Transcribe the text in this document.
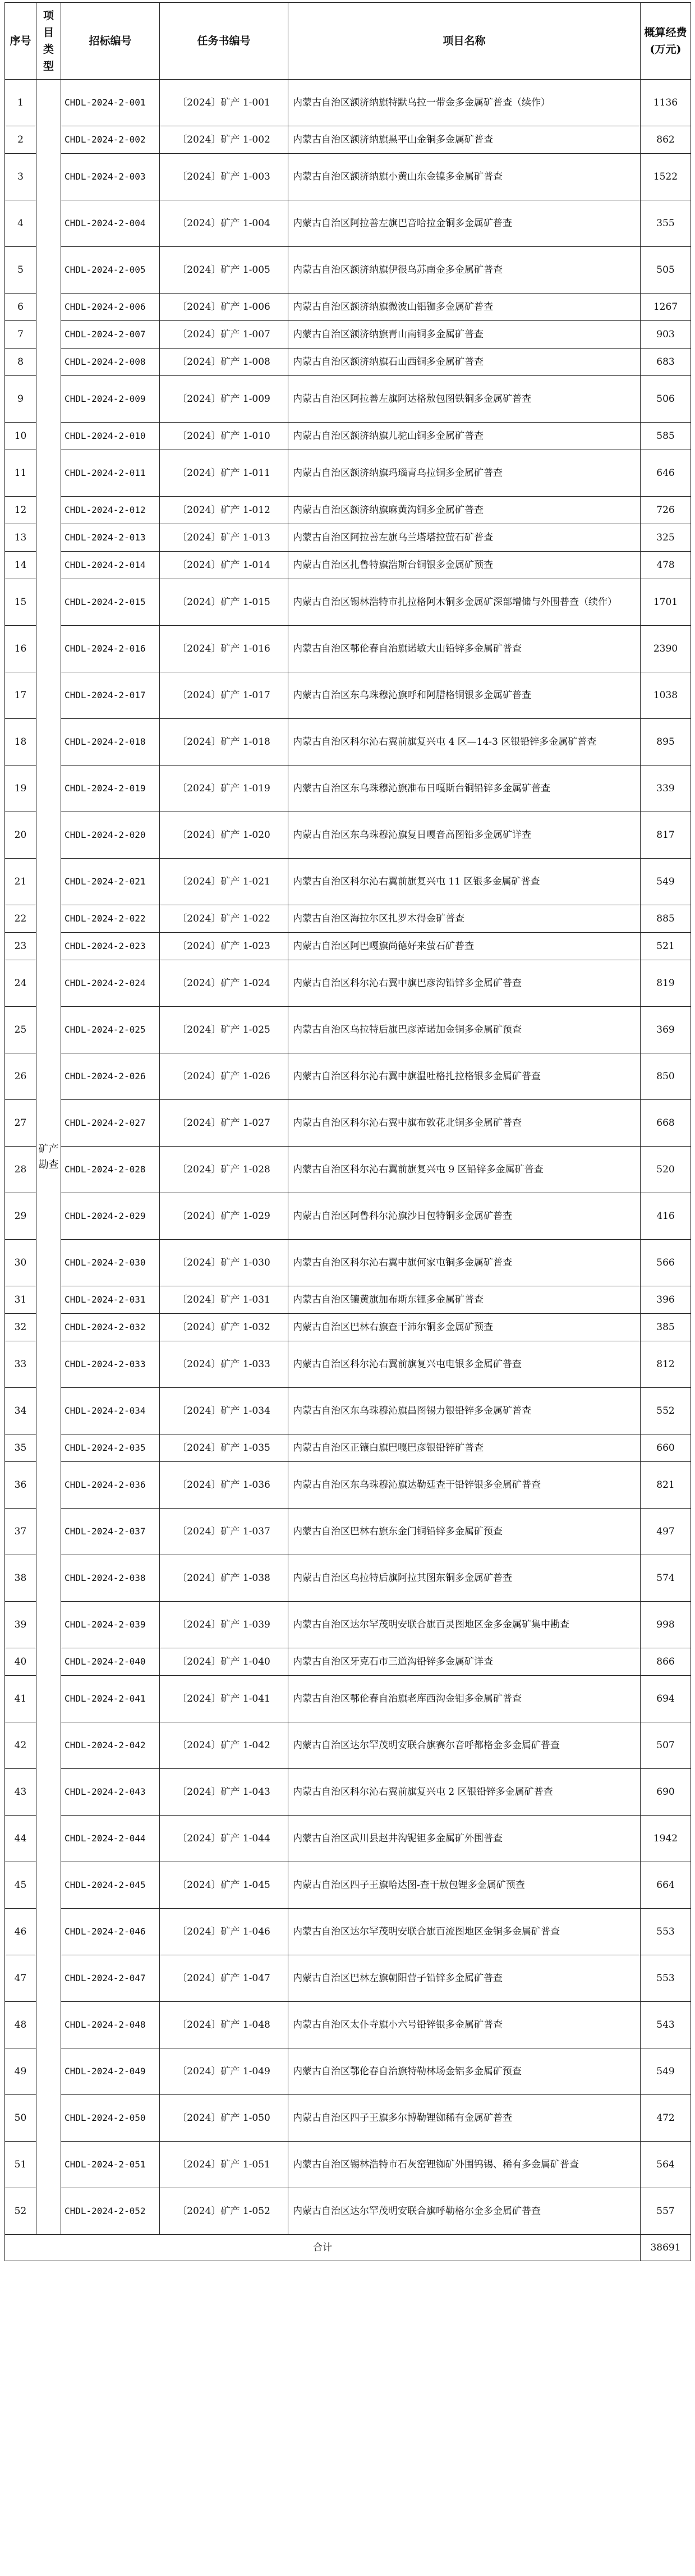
序号	项目类型	招标编号	任务书编号	项目名称	概算经费(万元)
1	矿产勘查	CHDL-2024-2-001	〔2024〕矿产 1-001	内蒙古自治区额济纳旗特默乌拉一带金多金属矿普查（续作）	1136
2		CHDL-2024-2-002	〔2024〕矿产 1-002	内蒙古自治区额济纳旗黑平山金铜多金属矿普查	862
3		CHDL-2024-2-003	〔2024〕矿产 1-003	内蒙古自治区额济纳旗小黄山东金镍多金属矿普查	1522
4		CHDL-2024-2-004	〔2024〕矿产 1-004	内蒙古自治区阿拉善左旗巴音哈拉金铜多金属矿普查	355
5		CHDL-2024-2-005	〔2024〕矿产 1-005	内蒙古自治区额济纳旗伊很乌苏南金多金属矿普查	505
6		CHDL-2024-2-006	〔2024〕矿产 1-006	内蒙古自治区额济纳旗微波山铝铷多金属矿普查	1267
7		CHDL-2024-2-007	〔2024〕矿产 1-007	内蒙古自治区额济纳旗青山南铜多金属矿普查	903
8		CHDL-2024-2-008	〔2024〕矿产 1-008	内蒙古自治区额济纳旗石山西铜多金属矿普查	683
9		CHDL-2024-2-009	〔2024〕矿产 1-009	内蒙古自治区阿拉善左旗阿达格敖包图铁铜多金属矿普查	506
10		CHDL-2024-2-010	〔2024〕矿产 1-010	内蒙古自治区额济纳旗儿驼山铜多金属矿普查	585
11		CHDL-2024-2-011	〔2024〕矿产 1-011	内蒙古自治区额济纳旗玛瑙青乌拉铜多金属矿普查	646
12		CHDL-2024-2-012	〔2024〕矿产 1-012	内蒙古自治区额济纳旗麻黄沟铜多金属矿普查	726
13		CHDL-2024-2-013	〔2024〕矿产 1-013	内蒙古自治区阿拉善左旗乌兰塔塔拉萤石矿普查	325
14		CHDL-2024-2-014	〔2024〕矿产 1-014	内蒙古自治区扎鲁特旗浩斯台铜银多金属矿预查	478
15		CHDL-2024-2-015	〔2024〕矿产 1-015	内蒙古自治区锡林浩特市扎拉格阿木铜多金属矿深部增储与外围普查（续作）	1701
16		CHDL-2024-2-016	〔2024〕矿产 1-016	内蒙古自治区鄂伦春自治旗诺敏大山铅锌多金属矿普查	2390
17		CHDL-2024-2-017	〔2024〕矿产 1-017	内蒙古自治区东乌珠穆沁旗呼和阿腊格铜银多金属矿普查	1038
18		CHDL-2024-2-018	〔2024〕矿产 1-018	内蒙古自治区科尔沁右翼前旗复兴屯 4 区—14-3 区银铅锌多金属矿普查	895
19		CHDL-2024-2-019	〔2024〕矿产 1-019	内蒙古自治区东乌珠穆沁旗准布日嘎斯台铜铅锌多金属矿普查	339
20		CHDL-2024-2-020	〔2024〕矿产 1-020	内蒙古自治区东乌珠穆沁旗复日嘎音高图铅多金属矿详查	817
21		CHDL-2024-2-021	〔2024〕矿产 1-021	内蒙古自治区科尔沁右翼前旗复兴屯 11 区银多金属矿普查	549
22		CHDL-2024-2-022	〔2024〕矿产 1-022	内蒙古自治区海拉尔区扎罗木得金矿普查	885
23		CHDL-2024-2-023	〔2024〕矿产 1-023	内蒙古自治区阿巴嘎旗尚德好来萤石矿普查	521
24		CHDL-2024-2-024	〔2024〕矿产 1-024	内蒙古自治区科尔沁右翼中旗巴彦沟铅锌多金属矿普查	819
25		CHDL-2024-2-025	〔2024〕矿产 1-025	内蒙古自治区乌拉特后旗巴彦淖诺加金铜多金属矿预查	369
26		CHDL-2024-2-026	〔2024〕矿产 1-026	内蒙古自治区科尔沁右翼中旗温吐格扎拉格银多金属矿普查	850
27		CHDL-2024-2-027	〔2024〕矿产 1-027	内蒙古自治区科尔沁右翼中旗布敦花北铜多金属矿普查	668
28		CHDL-2024-2-028	〔2024〕矿产 1-028	内蒙古自治区科尔沁右翼前旗复兴屯 9 区铅锌多金属矿普查	520
29		CHDL-2024-2-029	〔2024〕矿产 1-029	内蒙古自治区阿鲁科尔沁旗沙日包特铜多金属矿普查	416
30		CHDL-2024-2-030	〔2024〕矿产 1-030	内蒙古自治区科尔沁右翼中旗何家屯铜多金属矿普查	566
31		CHDL-2024-2-031	〔2024〕矿产 1-031	内蒙古自治区镶黄旗加布斯东锂多金属矿普查	396
32		CHDL-2024-2-032	〔2024〕矿产 1-032	内蒙古自治区巴林右旗查干沛尔铜多金属矿预查	385
33		CHDL-2024-2-033	〔2024〕矿产 1-033	内蒙古自治区科尔沁右翼前旗复兴屯电银多金属矿普查	812
34		CHDL-2024-2-034	〔2024〕矿产 1-034	内蒙古自治区东乌珠穆沁旗昌图锡力银铅锌多金属矿普查	552
35		CHDL-2024-2-035	〔2024〕矿产 1-035	内蒙古自治区正镶白旗巴嘎巴彦银铅锌矿普查	660
36		CHDL-2024-2-036	〔2024〕矿产 1-036	内蒙古自治区东乌珠穆沁旗达勒廷查干铅锌银多金属矿普查	821
37		CHDL-2024-2-037	〔2024〕矿产 1-037	内蒙古自治区巴林右旗东金门铜铅锌多金属矿预查	497
38		CHDL-2024-2-038	〔2024〕矿产 1-038	内蒙古自治区乌拉特后旗阿拉其图东铜多金属矿普查	574
39		CHDL-2024-2-039	〔2024〕矿产 1-039	内蒙古自治区达尔罕茂明安联合旗百灵图地区金多金属矿集中勘查	998
40		CHDL-2024-2-040	〔2024〕矿产 1-040	内蒙古自治区牙克石市三道沟铅锌多金属矿详查	866
41		CHDL-2024-2-041	〔2024〕矿产 1-041	内蒙古自治区鄂伦春自治旗老库西沟金钼多金属矿普查	694
42		CHDL-2024-2-042	〔2024〕矿产 1-042	内蒙古自治区达尔罕茂明安联合旗赛尔音呼都格金多金属矿普查	507
43		CHDL-2024-2-043	〔2024〕矿产 1-043	内蒙古自治区科尔沁右翼前旗复兴屯 2 区银铅锌多金属矿普查	690
44		CHDL-2024-2-044	〔2024〕矿产 1-044	内蒙古自治区武川县赵井沟铌钽多金属矿外围普查	1942
45		CHDL-2024-2-045	〔2024〕矿产 1-045	内蒙古自治区四子王旗哈达图-查干敖包锂多金属矿预查	664
46		CHDL-2024-2-046	〔2024〕矿产 1-046	内蒙古自治区达尔罕茂明安联合旗百流图地区金铜多金属矿普查	553
47		CHDL-2024-2-047	〔2024〕矿产 1-047	内蒙古自治区巴林左旗朝阳营子铅锌多金属矿普查	553
48		CHDL-2024-2-048	〔2024〕矿产 1-048	内蒙古自治区太仆寺旗小六号铅锌银多金属矿普查	543
49		CHDL-2024-2-049	〔2024〕矿产 1-049	内蒙古自治区鄂伦春自治旗特勒林场金铝多金属矿预查	549
50		CHDL-2024-2-050	〔2024〕矿产 1-050	内蒙古自治区四子王旗多尔博勒锂铷稀有金属矿普查	472
51		CHDL-2024-2-051	〔2024〕矿产 1-051	内蒙古自治区锡林浩特市石灰窑锂铷矿外围钨锡、稀有多金属矿普查	564
52		CHDL-2024-2-052	〔2024〕矿产 1-052	内蒙古自治区达尔罕茂明安联合旗呼勒格尔金多金属矿普查	557
合计					38691
